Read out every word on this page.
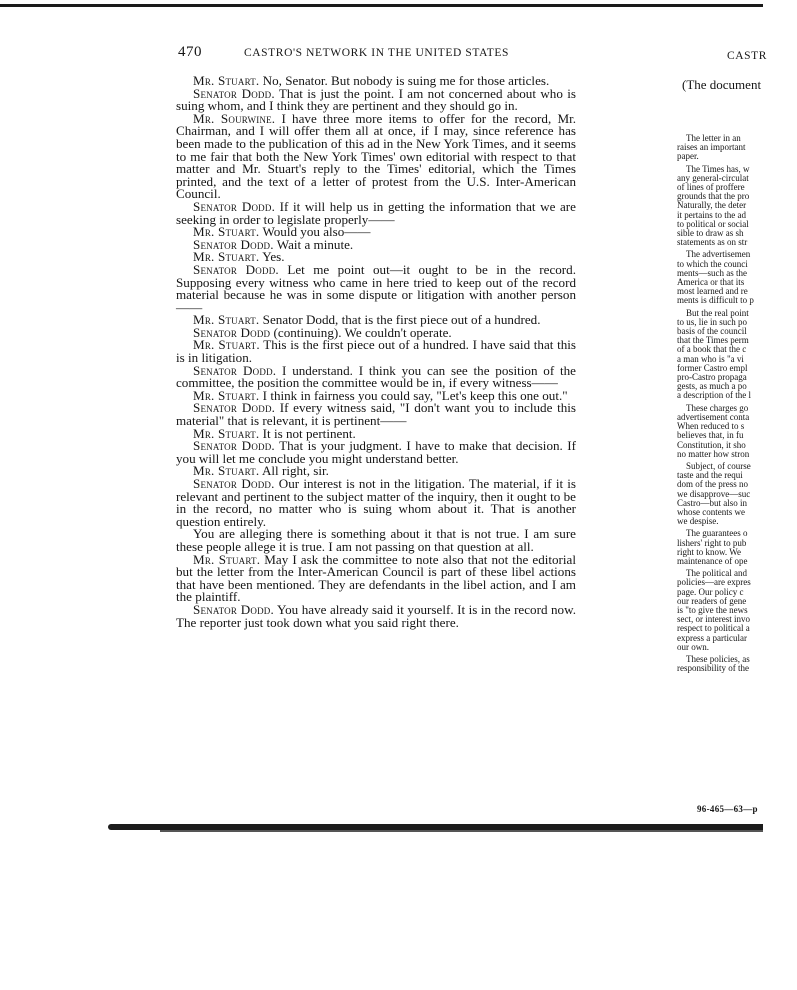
470	CASTRO'S NETWORK IN THE UNITED STATES

Mr. Stuart. No, Senator. But nobody is suing me for those articles.

Senator Dodd. That is just the point. I am not concerned about who is suing whom, and I think they are pertinent and they should go in.

Mr. Sourwine. I have three more items to offer for the record, Mr. Chairman, and I will offer them all at once, if I may, since reference has been made to the publication of this ad in the New York Times, and it seems to me fair that both the New York Times' own editorial with respect to that matter and Mr. Stuart's reply to the Times' editorial, which the Times printed, and the text of a letter of protest from the U.S. Inter-American Council.

Senator Dodd. If it will help us in getting the information that we are seeking in order to legislate properly——

Mr. Stuart. Would you also——

Senator Dodd. Wait a minute.

Mr. Stuart. Yes.

Senator Dodd. Let me point out—it ought to be in the record. Supposing every witness who came in here tried to keep out of the record material because he was in some dispute or litigation with another person——

Mr. Stuart. Senator Dodd, that is the first piece out of a hundred.

Senator Dodd (continuing). We couldn't operate.

Mr. Stuart. This is the first piece out of a hundred. I have said that this is in litigation.

Senator Dodd. I understand. I think you can see the position of the committee, the position the committee would be in, if every witness——

Mr. Stuart. I think in fairness you could say, "Let's keep this one out."

Senator Dodd. If every witness said, "I don't want you to include this material" that is relevant, it is pertinent——

Mr. Stuart. It is not pertinent.

Senator Dodd. That is your judgment. I have to make that decision. If you will let me conclude you might understand better.

Mr. Stuart. All right, sir.

Senator Dodd. Our interest is not in the litigation. The material, if it is relevant and pertinent to the subject matter of the inquiry, then it ought to be in the record, no matter who is suing whom about it. That is another question entirely.

You are alleging there is something about it that is not true. I am sure these people allege it is true. I am not passing on that question at all.

Mr. Stuart. May I ask the committee to note also that not the editorial but the letter from the Inter-American Council is part of these libel actions that have been mentioned. They are defendants in the libel action, and I am the plaintiff.

Senator Dodd. You have already said it yourself. It is in the record now. The reporter just took down what you said right there.

CASTR
(The document
The letter in an
raises an important
paper.
The Times has, w
any general-circulat
of lines of proffere
grounds that the pro
Naturally, the deter
it pertains to the ad
to political or social
sible to draw as sh
statements as on str
The advertisemen
to which the counci
ments—such as the
America or that its
most learned and re
ments is difficult to p
But the real point
to us, lie in such po
basis of the council
that the Times perm
of a book that the c
a man who is "a vi
former Castro empl
pro-Castro propaga
gests, as much a po
a description of the l
These charges go
advertisement conta
When reduced to s
believes that, in fu
Constitution, it sho
no matter how stron
Subject, of course
taste and the requi
dom of the press no
we disapprove—suc
Castro—but also in
whose contents we
we despise.
The guarantees o
lishers' right to pub
right to know. We
maintenance of ope
The political and
policies—are expres
page. Our policy c
our readers of gene
is "to give the news
sect, or interest invo
respect to political a
express a particular
our own.
These policies, as
responsibility of the
96-465—63—p
